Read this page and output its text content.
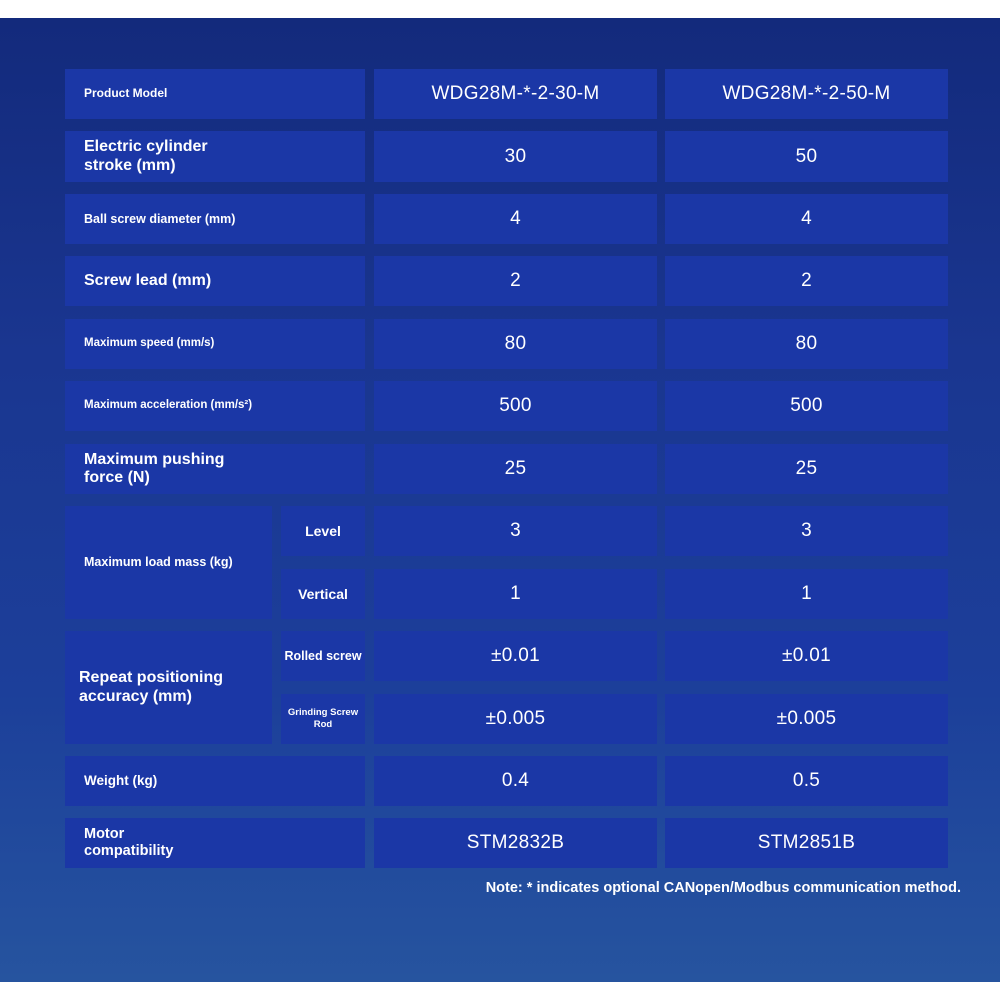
Product Model	WDG28M-*-2-30-M	WDG28M-*-2-50-M
Electric cylinder
stroke (mm)	30	50
Ball screw diameter (mm)	4	4
Screw lead (mm)	2	2
Maximum speed (mm/s)	80	80
Maximum acceleration (mm/s²)	500	500
Maximum pushing
force (N)	25	25
Maximum load mass (kg)
Level	3	3
Vertical	1	1
Repeat positioning
accuracy (mm)
Rolled screw	±0.01	±0.01
Grinding Screw
Rod	±0.005	±0.005
Weight (kg)	0.4	0.5
Motor
compatibility	STM2832B	STM2851B
Note: * indicates optional CANopen/Modbus communication method.
